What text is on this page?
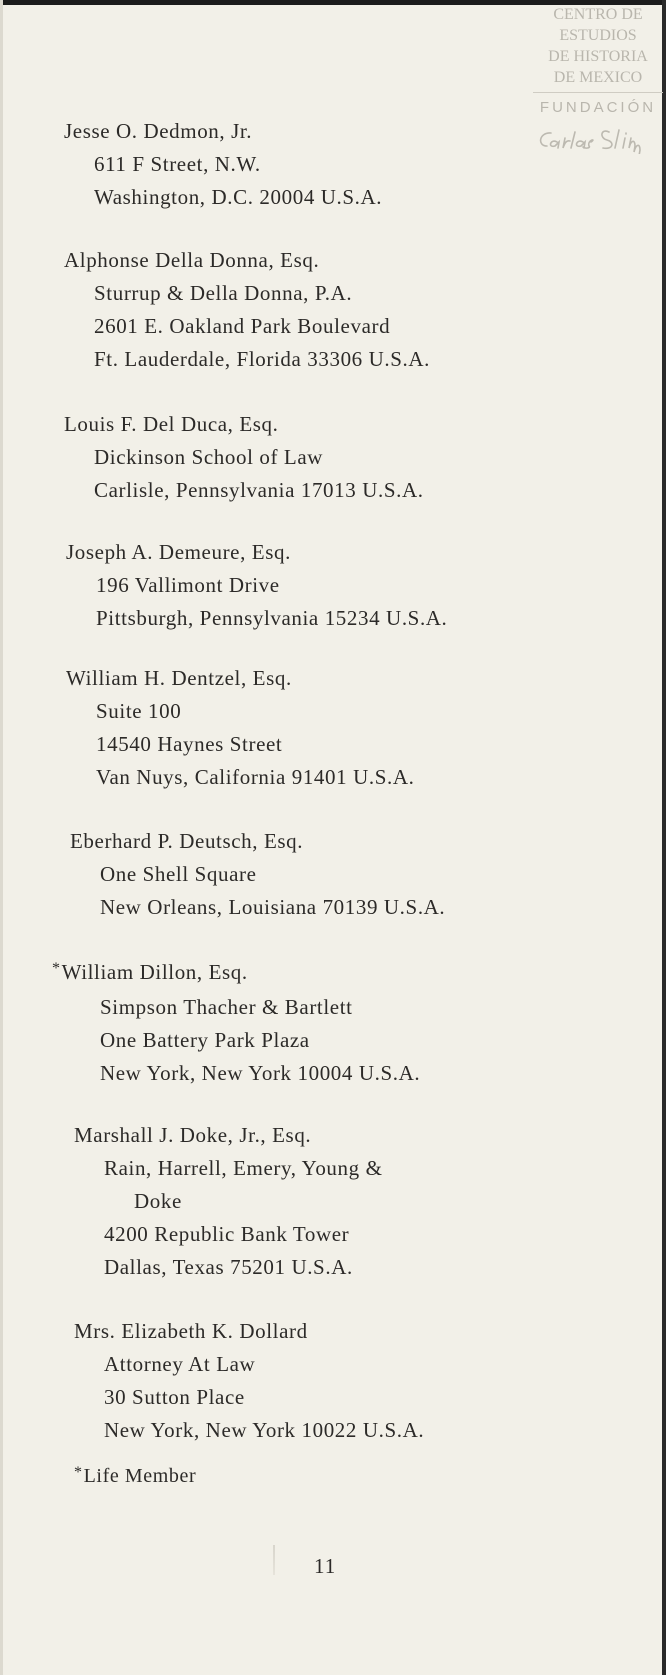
CENTRO DE
ESTUDIOS
DE HISTORIA
DE MEXICO
FUNDACIÓN
Jesse O. Dedmon, Jr.
611 F Street, N.W.
Washington, D.C. 20004 U.S.A.
Alphonse Della Donna, Esq.
Sturrup & Della Donna, P.A.
2601 E. Oakland Park Boulevard
Ft. Lauderdale, Florida 33306 U.S.A.
Louis F. Del Duca, Esq.
Dickinson School of Law
Carlisle, Pennsylvania 17013 U.S.A.
Joseph A. Demeure, Esq.
196 Vallimont Drive
Pittsburgh, Pennsylvania 15234 U.S.A.
William H. Dentzel, Esq.
Suite 100
14540 Haynes Street
Van Nuys, California 91401 U.S.A.
Eberhard P. Deutsch, Esq.
One Shell Square
New Orleans, Louisiana 70139 U.S.A.
*William Dillon, Esq.
Simpson Thacher & Bartlett
One Battery Park Plaza
New York, New York 10004 U.S.A.
Marshall J. Doke, Jr., Esq.
Rain, Harrell, Emery, Young &
Doke
4200 Republic Bank Tower
Dallas, Texas 75201 U.S.A.
Mrs. Elizabeth K. Dollard
Attorney At Law
30 Sutton Place
New York, New York 10022 U.S.A.
*Life Member
11
